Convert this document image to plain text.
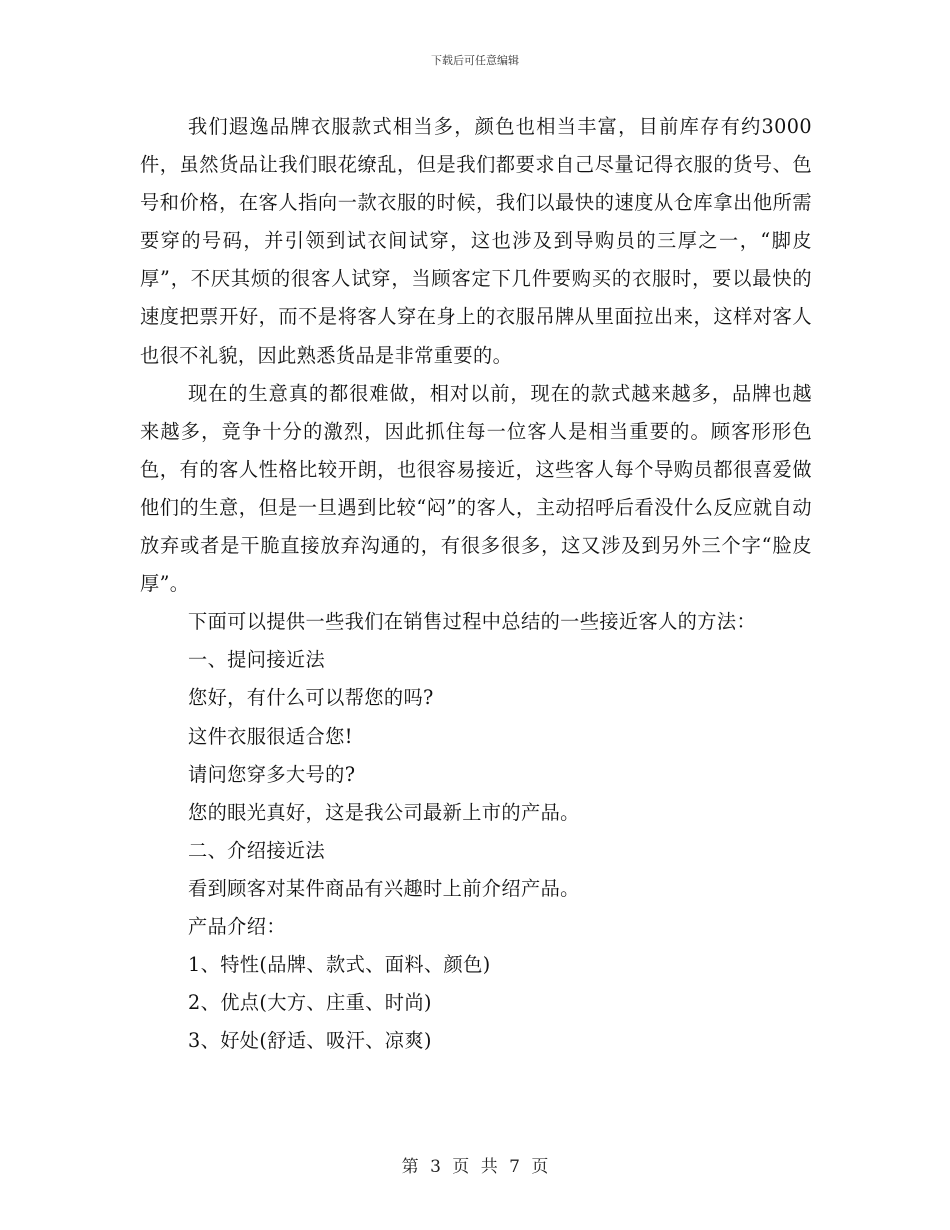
下载后可任意编辑

我们遐逸品牌衣服款式相当多，颜色也相当丰富，目前库存有约3000件，虽然货品让我们眼花缭乱，但是我们都要求自己尽量记得衣服的货号、色号和价格，在客人指向一款衣服的时候，我们以最快的速度从仓库拿出他所需要穿的号码，并引领到试衣间试穿，这也涉及到导购员的三厚之一，“脚皮厚”，不厌其烦的很客人试穿，当顾客定下几件要购买的衣服时，要以最快的速度把票开好，而不是将客人穿在身上的衣服吊牌从里面拉出来，这样对客人也很不礼貌，因此熟悉货品是非常重要的。

现在的生意真的都很难做，相对以前，现在的款式越来越多，品牌也越来越多，竟争十分的激烈，因此抓住每一位客人是相当重要的。顾客形形色色，有的客人性格比较开朗，也很容易接近，这些客人每个导购员都很喜爱做他们的生意，但是一旦遇到比较“闷”的客人，主动招呼后看没什么反应就自动放弃或者是干脆直接放弃沟通的，有很多很多，这又涉及到另外三个字“脸皮厚”。

下面可以提供一些我们在销售过程中总结的一些接近客人的方法：

一、提问接近法

您好，有什么可以帮您的吗?

这件衣服很适合您!

请问您穿多大号的?

您的眼光真好，这是我公司最新上市的产品。

二、介绍接近法

看到顾客对某件商品有兴趣时上前介绍产品。

产品介绍：

1、特性(品牌、款式、面料、颜色)

2、优点(大方、庄重、时尚)

3、好处(舒适、吸汗、凉爽)

第 3 页 共 7 页
